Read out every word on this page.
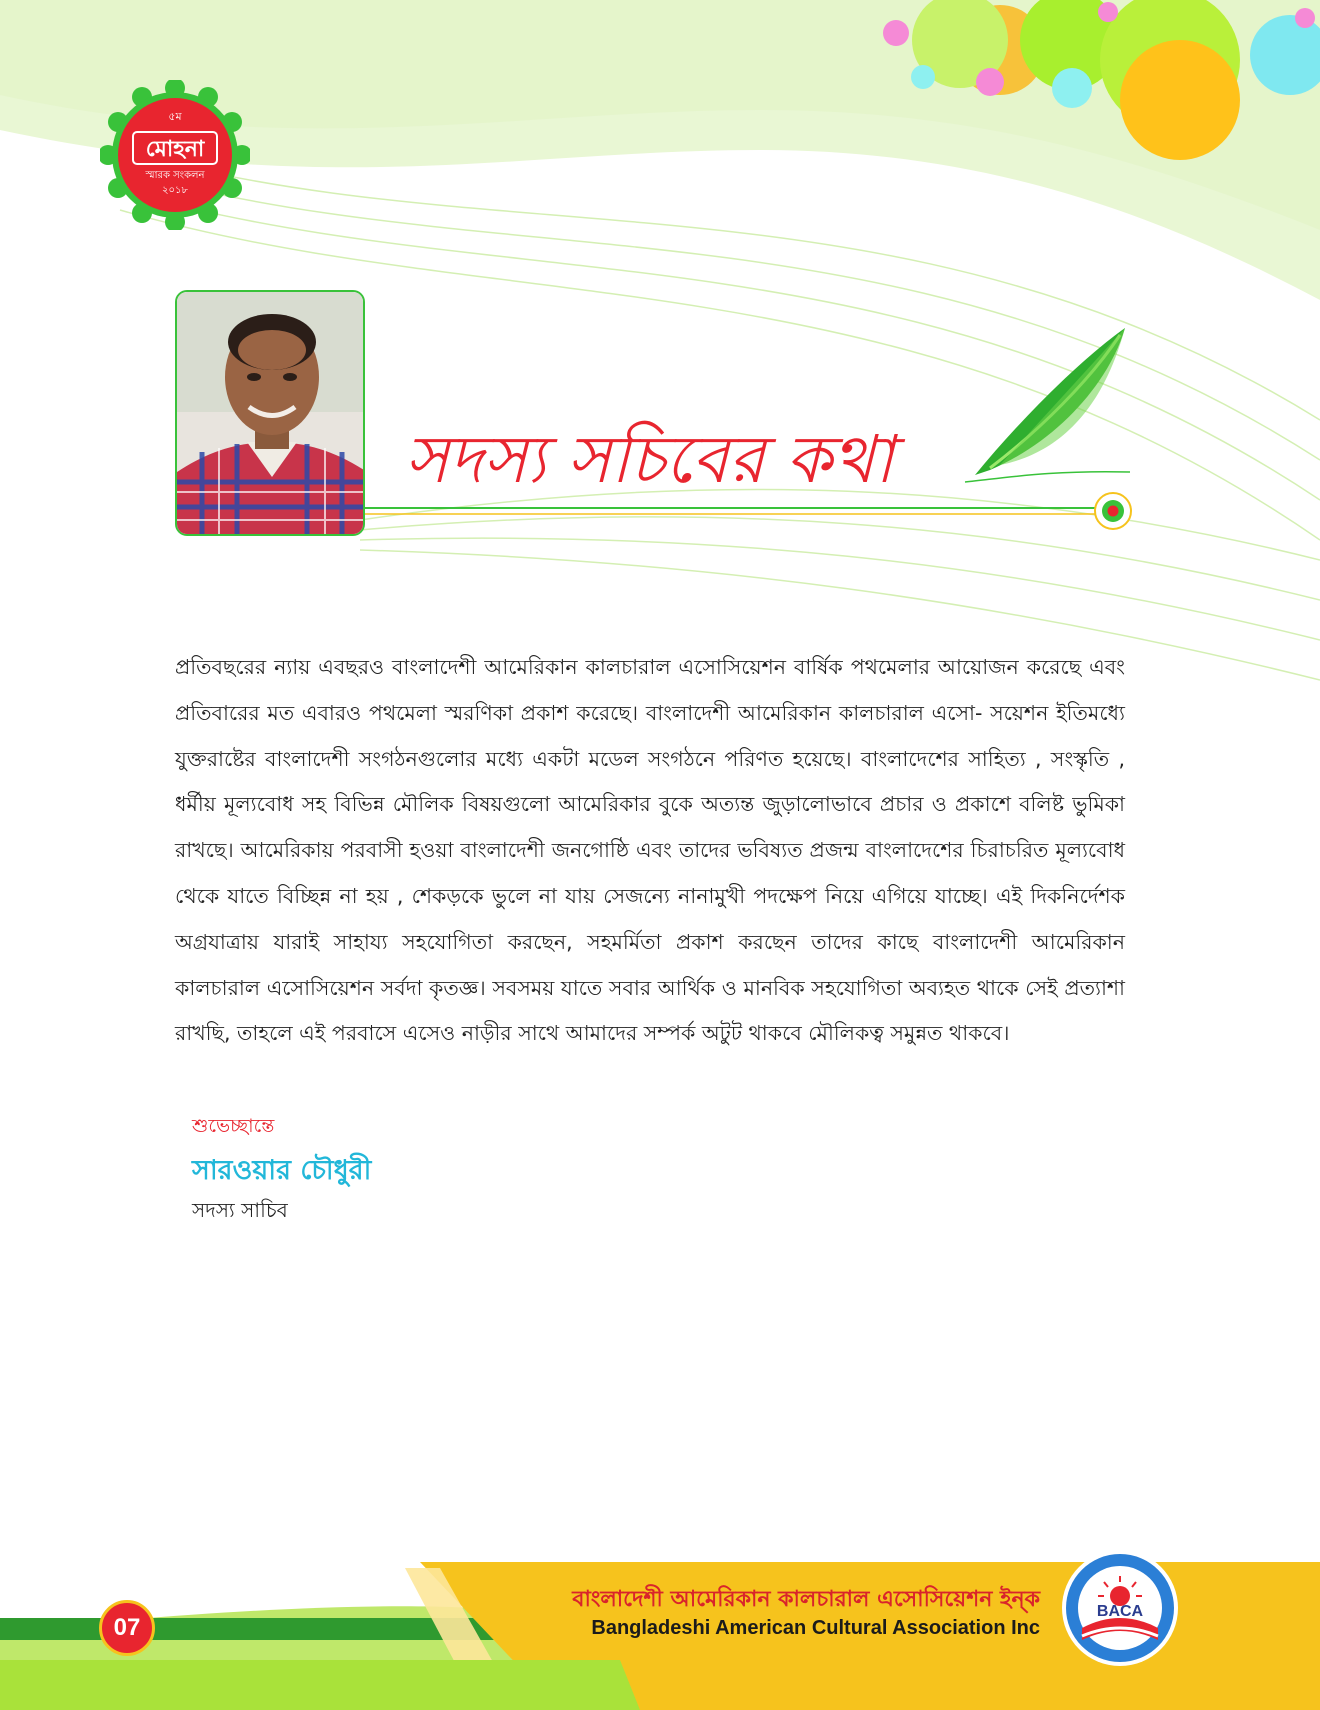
৫ম
মোহনা
স্মারক সংকলন
২০১৮
সদস্য সচিবের কথা

প্রতিবছরের ন্যায় এবছরও বাংলাদেশী আমেরিকান কালচারাল এসোসিয়েশন বার্ষিক পথমেলার আয়োজন করেছে এবং প্রতিবারের মত এবারও পথমেলা স্মরণিকা প্রকাশ করেছে। বাংলাদেশী আমেরিকান কালচারাল এসো- সয়েশন ইতিমধ্যে যুক্তরাষ্টের বাংলাদেশী সংগঠনগুলোর মধ্যে একটা মডেল সংগঠনে পরিণত হয়েছে। বাংলাদেশের সাহিত্য , সংস্কৃতি , ধর্মীয় মূল্যবোধ সহ বিভিন্ন মৌলিক বিষয়গুলো আমেরিকার বুকে অত্যন্ত জুড়ালোভাবে প্রচার ও প্রকাশে বলিষ্ট ভুমিকা রাখছে। আমেরিকায় পরবাসী হওয়া বাংলাদেশী জনগোষ্ঠি এবং তাদের ভবিষ্যত প্রজন্ম বাংলাদেশের চিরাচরিত মূল্যবোধ থেকে যাতে বিচ্ছিন্ন না হয় , শেকড়কে ভুলে না যায় সেজন্যে নানামুখী পদক্ষেপ নিয়ে এগিয়ে যাচ্ছে। এই দিকনির্দেশক অগ্রযাত্রায় যারাই সাহায্য সহযোগিতা করছেন, সহমর্মিতা প্রকাশ করছেন তাদের কাছে বাংলাদেশী আমেরিকান কালচারাল এসোসিয়েশন সর্বদা কৃতজ্ঞ। সবসময় যাতে সবার আর্থিক ও মানবিক সহযোগিতা অব্যহত থাকে সেই প্রত্যাশা রাখছি, তাহলে এই পরবাসে এসেও নাড়ীর সাথে আমাদের সম্পর্ক অটুট থাকবে মৌলিকত্ব সমুন্নত থাকবে।

শুভেচ্ছান্তে
সারওয়ার চৌধুরী
সদস্য সাচিব
07
বাংলাদেশী আমেরিকান কালচারাল এসোসিয়েশন ইন্ক
Bangladeshi American Cultural Association Inc
BACA
